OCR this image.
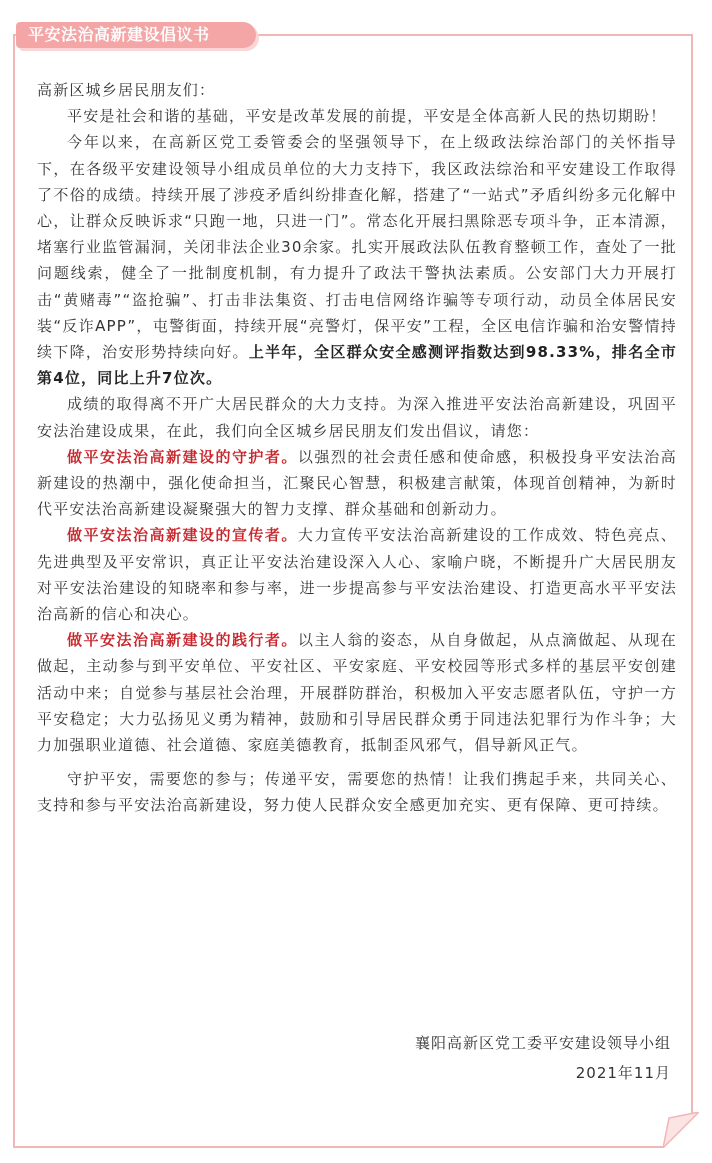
平安法治高新建设倡议书

高新区城乡居民朋友们：

平安是社会和谐的基础，平安是改革发展的前提，平安是全体高新人民的热切期盼！

今年以来，在高新区党工委管委会的坚强领导下，在上级政法综治部门的关怀指导下，在各级平安建设领导小组成员单位的大力支持下，我区政法综治和平安建设工作取得了不俗的成绩。持续开展了涉疫矛盾纠纷排查化解，搭建了“一站式”矛盾纠纷多元化解中心，让群众反映诉求“只跑一地，只进一门”。常态化开展扫黑除恶专项斗争，正本清源，堵塞行业监管漏洞，关闭非法企业30余家。扎实开展政法队伍教育整顿工作，查处了一批问题线索，健全了一批制度机制，有力提升了政法干警执法素质。公安部门大力开展打击“黄赌毒”“盗抢骗”、打击非法集资、打击电信网络诈骗等专项行动，动员全体居民安装“反诈APP”，屯警街面，持续开展“亮警灯，保平安”工程，全区电信诈骗和治安警情持续下降，治安形势持续向好。上半年，全区群众安全感测评指数达到98.33%，排名全市第4位，同比上升7位次。

成绩的取得离不开广大居民群众的大力支持。为深入推进平安法治高新建设，巩固平安法治建设成果，在此，我们向全区城乡居民朋友们发出倡议，请您：

做平安法治高新建设的守护者。以强烈的社会责任感和使命感，积极投身平安法治高新建设的热潮中，强化使命担当，汇聚民心智慧，积极建言献策，体现首创精神，为新时代平安法治高新建设凝聚强大的智力支撑、群众基础和创新动力。

做平安法治高新建设的宣传者。大力宣传平安法治高新建设的工作成效、特色亮点、先进典型及平安常识，真正让平安法治建设深入人心、家喻户晓，不断提升广大居民朋友对平安法治建设的知晓率和参与率，进一步提高参与平安法治建设、打造更高水平平安法治高新的信心和决心。

做平安法治高新建设的践行者。以主人翁的姿态，从自身做起，从点滴做起、从现在做起，主动参与到平安单位、平安社区、平安家庭、平安校园等形式多样的基层平安创建活动中来；自觉参与基层社会治理，开展群防群治，积极加入平安志愿者队伍，守护一方平安稳定；大力弘扬见义勇为精神，鼓励和引导居民群众勇于同违法犯罪行为作斗争；大力加强职业道德、社会道德、家庭美德教育，抵制歪风邪气，倡导新风正气。

守护平安，需要您的参与；传递平安，需要您的热情！让我们携起手来，共同关心、支持和参与平安法治高新建设，努力使人民群众安全感更加充实、更有保障、更可持续。

襄阳高新区党工委平安建设领导小组
2021年11月
